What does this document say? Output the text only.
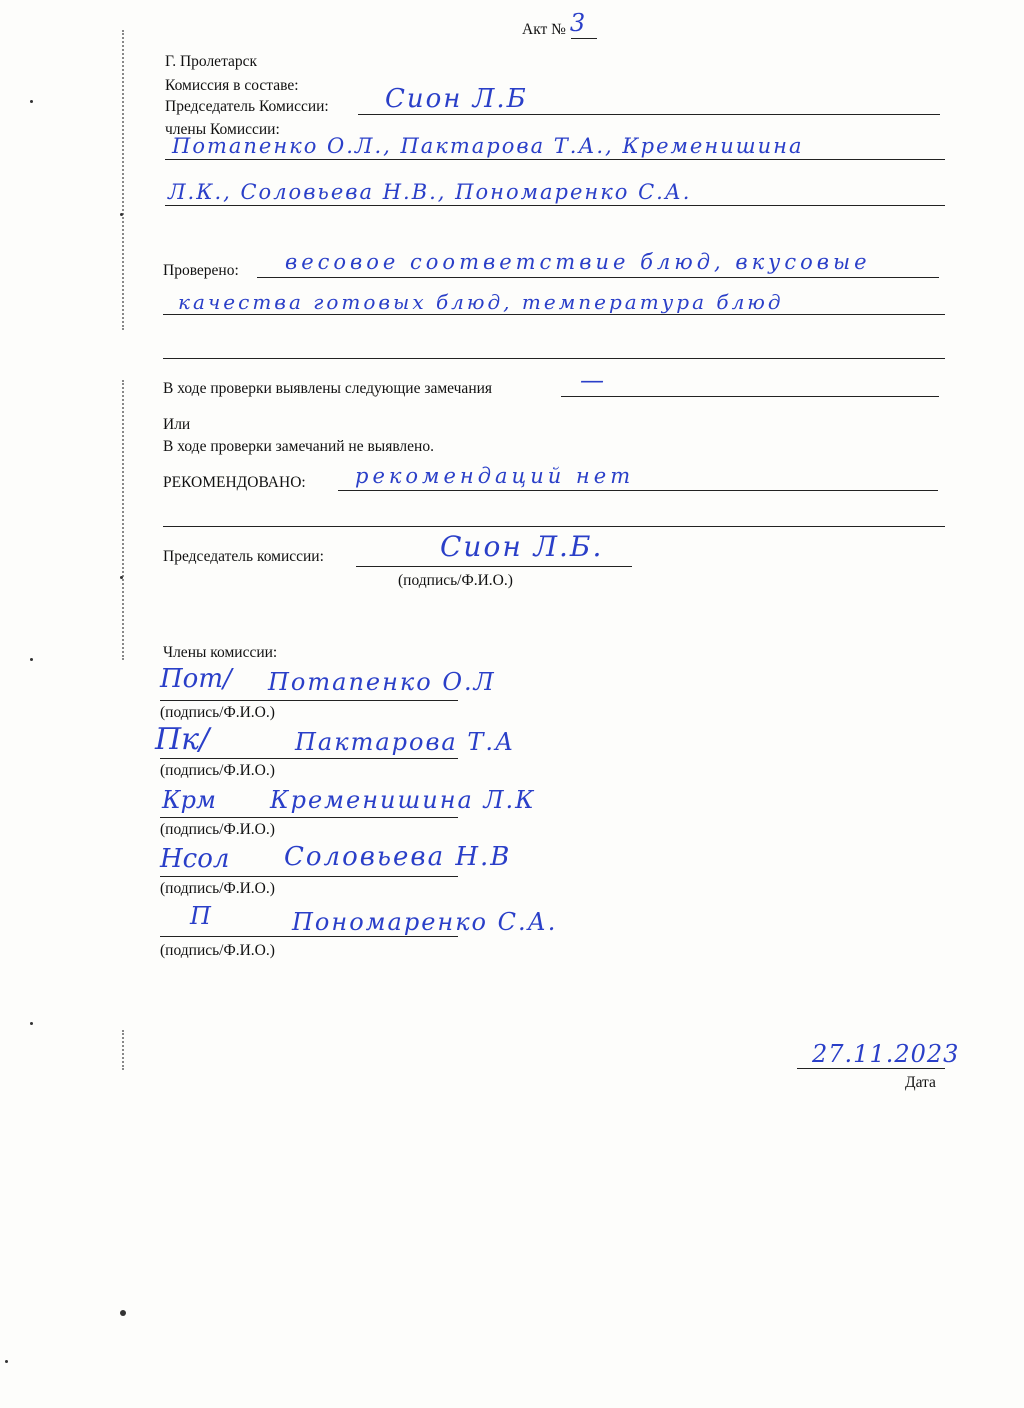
Акт № 3
Г. Пролетарск
Комиссия в составе:
Председатель Комиссии: Сион Л.Б
члены Комиссии:
Потапенко О.Л., Пактарова Т.А., Кременишина
Л.К., Соловьева Н.В., Пономаренко С.А.
Проверено: весовое соответствие блюд, вкусовые
качества готовых блюд, температура блюд
В ходе проверки выявлены следующие замечания	—
Или
В ходе проверки замечаний не выявлено.
РЕКОМЕНДОВАНО: рекомендаций нет
Председатель комиссии:	Сион Л.Б.
(подпись/Ф.И.О.)
Члены комиссии:
Пот/ Потапенко О.Л
(подпись/Ф.И.О.)
Пк/	Пактарова Т.А
(подпись/Ф.И.О.)
Крм Кременишина Л.К
(подпись/Ф.И.О.)
Нсол Соловьева Н.В
(подпись/Ф.И.О.)
П	Пономаренко С.А.
(подпись/Ф.И.О.)
27.11.2023
Дата
